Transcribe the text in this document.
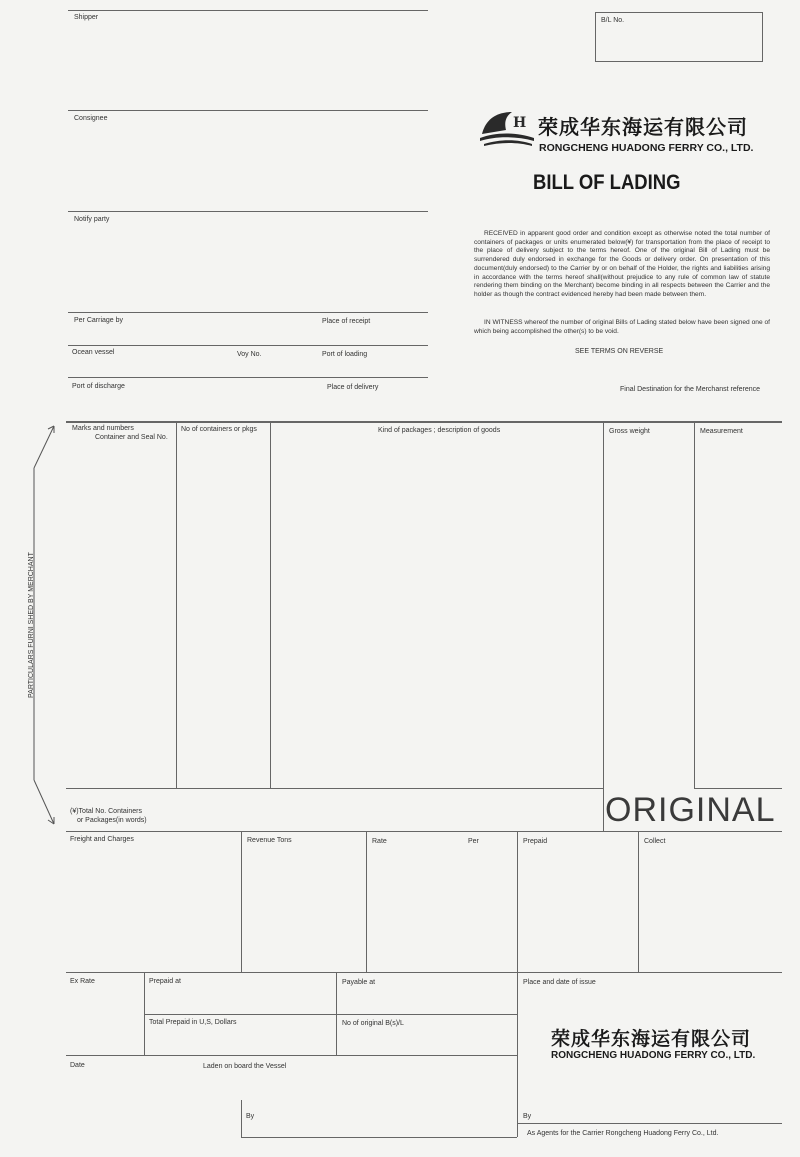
Shipper
Consignee
Notify party
Per Carriage by	Place of receipt
Ocean vessel	Voy No.	Port of loading
Port of discharge	Place of delivery	Final Destination for the Merchanst reference
B/L No.
H 荣成华东海运有限公司
RONGCHENG HUADONG FERRY CO., LTD.
BILL OF LADING
RECEIVED in apparent good order and condition except as otherwise noted the total number of containers of packages or units enumerated below(¥) for transportation from the place of receipt to the place of delivery subject to the terms hereof. One of the original Bill of Lading must be surrendered duly endorsed in exchange for the Goods or delivery order. On presentation of this document(duly endorsed) to the Carrier by or on behalf of the Holder, the rights and liabilities arising in accordance with the terms hereof shall(without prejudice to any rule of common law of statute rendering them binding on the Merchant) become binding in all respects between the Carrier and the holder as though the contract evidenced hereby had been made between them.
IN WITNESS whereof the number of original Bills of Lading stated below have been signed one of which being accomplished the other(s) to be void.
SEE TERMS ON REVERSE
Marks and numbers
Container and Seal No.
No of containers or pkgs	Kind of packages ; description of goods	Gross weight	Measurement
PARTICULARS FURNI SHED BY MERCHANT
(¥)Total No. Containers
or Packages(in words)	ORIGINAL
Freight and Charges	Revenue Tons	Rate	Per	Prepaid	Collect
Ex Rate	Prepaid at	Payable at	Place and date of issue
Total Prepaid in U,S, Dollars	No of original B(s)/L
Date	Laden on board the Vessel
By
荣成华东海运有限公司
RONGCHENG HUADONG FERRY CO., LTD.
By
As Agents for the Carrier Rongcheng Huadong Ferry Co., Ltd.
